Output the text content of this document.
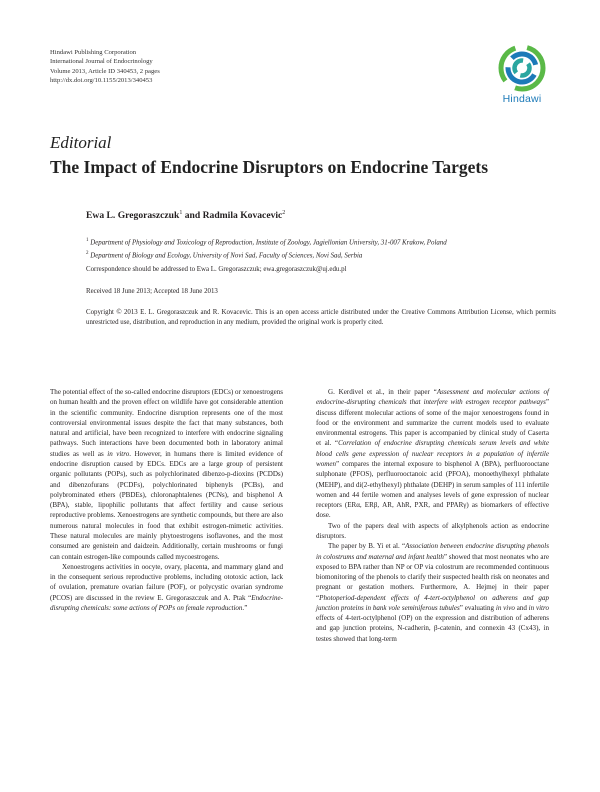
Hindawi Publishing Corporation
International Journal of Endocrinology
Volume 2013, Article ID 340453, 2 pages
http://dx.doi.org/10.1155/2013/340453
Hindawi
Editorial
The Impact of Endocrine Disruptors on Endocrine Targets
Ewa L. Gregoraszczuk$^1$ and Radmila Kovacevic$^2$
$^1$ Department of Physiology and Toxicology of Reproduction, Institute of Zoology, Jagiellonian University, 31-007 Krakow, Poland
$^2$ Department of Biology and Ecology, University of Novi Sad, Faculty of Sciences, Novi Sad, Serbia
Correspondence should be addressed to Ewa L. Gregoraszczuk; ewa.gregoraszczuk@uj.edu.pl
Received 18 June 2013; Accepted 18 June 2013
Copyright © 2013 E. L. Gregoraszczuk and R. Kovacevic. This is an open access article distributed under the Creative Commons Attribution License, which permits unrestricted use, distribution, and reproduction in any medium, provided the original work is properly cited.

The potential effect of the so-called endocrine disruptors (EDCs) or xenoestrogens on human health and the proven effect on wildlife have got considerable attention in the scientific community. Endocrine disruption represents one of the most controversial environmental issues despite the fact that many substances, both natural and artificial, have been recognized to interfere with endocrine signaling pathways. Such interactions have been documented both in laboratory animal studies as well as in vitro. However, in humans there is limited evidence of endocrine disruption caused by EDCs. EDCs are a large group of persistent organic pollutants (POPs), such as polychlorinated dibenzo-p-dioxins (PCDDs) and dibenzofurans (PCDFs), polychlorinated biphenyls (PCBs), and polybrominated ethers (PBDEs), chloronaphtalenes (PCNs), and bisphenol A (BPA), stable, lipophilic pollutants that affect fertility and cause serious reproductive problems. Xenoestrogens are synthetic compounds, but there are also numerous natural molecules in food that exhibit estrogen-mimetic activities. These natural molecules are mainly phytoestrogens isoflavones, and the most consumed are genistein and daidzein. Additionally, certain mushrooms or fungi can contain estrogen-like compounds called mycoestrogens.

Xenoestrogens activities in oocyte, ovary, placenta, and mammary gland and in the consequent serious reproductive problems, including ototoxic action, lack of ovulation, premature ovarian failure (POF), or polycystic ovarian syndrome (PCOS) are discussed in the review E. Gregoraszczuk and A. Ptak “Endocrine-disrupting chemicals: some actions of POPs on female reproduction.”

G. Kerdivel et al., in their paper “Assessment and molecular actions of endocrine-disrupting chemicals that interfere with estrogen receptor pathways” discuss different molecular actions of some of the major xenoestrogens found in food or the environment and summarize the current models used to evaluate environmental estrogens. This paper is accompanied by clinical study of Caserta et al. “Correlation of endocrine disrupting chemicals serum levels and white blood cells gene expression of nuclear receptors in a population of infertile women” compares the internal exposure to bisphenol A (BPA), perfluorooctane sulphonate (PFOS), perfluorooctanoic acid (PFOA), monoethylhexyl phthalate (MEHP), and di(2-ethylhexyl) phthalate (DEHP) in serum samples of 111 infertile women and 44 fertile women and analyses levels of gene expression of nuclear receptors (ERα, ERβ, AR, AhR, PXR, and PPARγ) as biomarkers of effective dose.

Two of the papers deal with aspects of alkylphenols action as endocrine disruptors.

The paper by B. Yi et al. “Association between endocrine disrupting phenols in colostrums and maternal and infant health” showed that most neonates who are exposed to BPA rather than NP or OP via colostrum are recommended continuous biomonitoring of the phenols to clarify their suspected health risk on neonates and pregnant or gestation mothers. Furthermore, A. Hejmej in their paper “Photoperiod-dependent effects of 4-tert-octylphenol on adherens and gap junction proteins in bank vole seminiferous tubules” evaluating in vivo and in vitro effects of 4-tert-octylphenol (OP) on the expression and distribution of adherens and gap junction proteins, N-cadherin, β-catenin, and connexin 43 (Cx43), in testes showed that long-term
